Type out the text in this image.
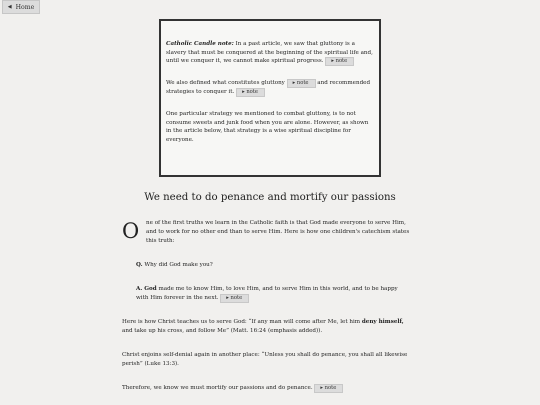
◀ Home

Catholic Candle note: In a past article, we saw that gluttony is a slavery that must be conquered at the beginning of the spiritual life and, until we conquer it, we cannot make spiritual progress. ▸ note

We also defined what constitutes gluttony ▸ note and recommended strategies to conquer it. ▸ note

One particular strategy we mentioned to combat gluttony, is to not consume sweets and junk food when you are alone. However, as shown in the article below, that strategy is a wise spiritual discipline for everyone.

We need to do penance and mortify our passions

O ne of the first truths we learn in the Catholic faith is that God made everyone to serve Him, and to work for no other end than to serve Him. Here is how one children's catechism states this truth:

Q. Why did God make you?

A. God made me to know Him, to love Him, and to serve Him in this world, and to be happy with Him forever in the next. ▸ note

Here is how Christ teaches us to serve God: “If any man will come after Me, let him deny himself, and take up his cross, and follow Me” (Matt. 16:24 (emphasis added)).

Christ enjoins self-denial again in another place: “Unless you shall do penance, you shall all likewise perish” (Luke 13:3).

Therefore, we know we must mortify our passions and do penance. ▸ note
